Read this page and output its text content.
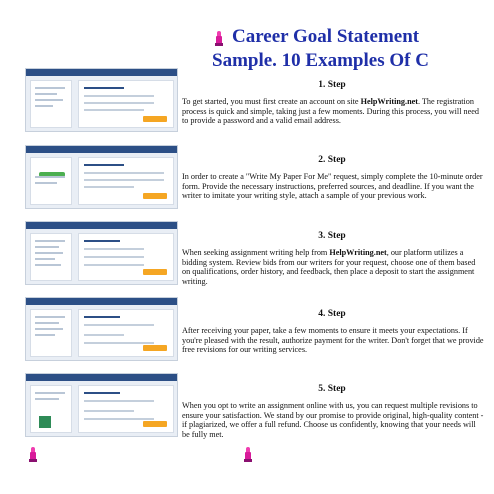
Career Goal Statement
Sample. 10 Examples Of C
1. Step
To get started, you must first create an account on site HelpWriting.net. The registration process is quick and simple, taking just a few moments. During this process, you will need to provide a password and a valid email address.
2. Step
In order to create a "Write My Paper For Me" request, simply complete the 10-minute order form. Provide the necessary instructions, preferred sources, and deadline. If you want the writer to imitate your writing style, attach a sample of your previous work.
3. Step
When seeking assignment writing help from HelpWriting.net, our platform utilizes a bidding system. Review bids from our writers for your request, choose one of them based on qualifications, order history, and feedback, then place a deposit to start the assignment writing.
4. Step
After receiving your paper, take a few moments to ensure it meets your expectations. If you're pleased with the result, authorize payment for the writer. Don't forget that we provide free revisions for our writing services.
5. Step
When you opt to write an assignment online with us, you can request multiple revisions to ensure your satisfaction. We stand by our promise to provide original, high-quality content - if plagiarized, we offer a full refund. Choose us confidently, knowing that your needs will be fully met.
